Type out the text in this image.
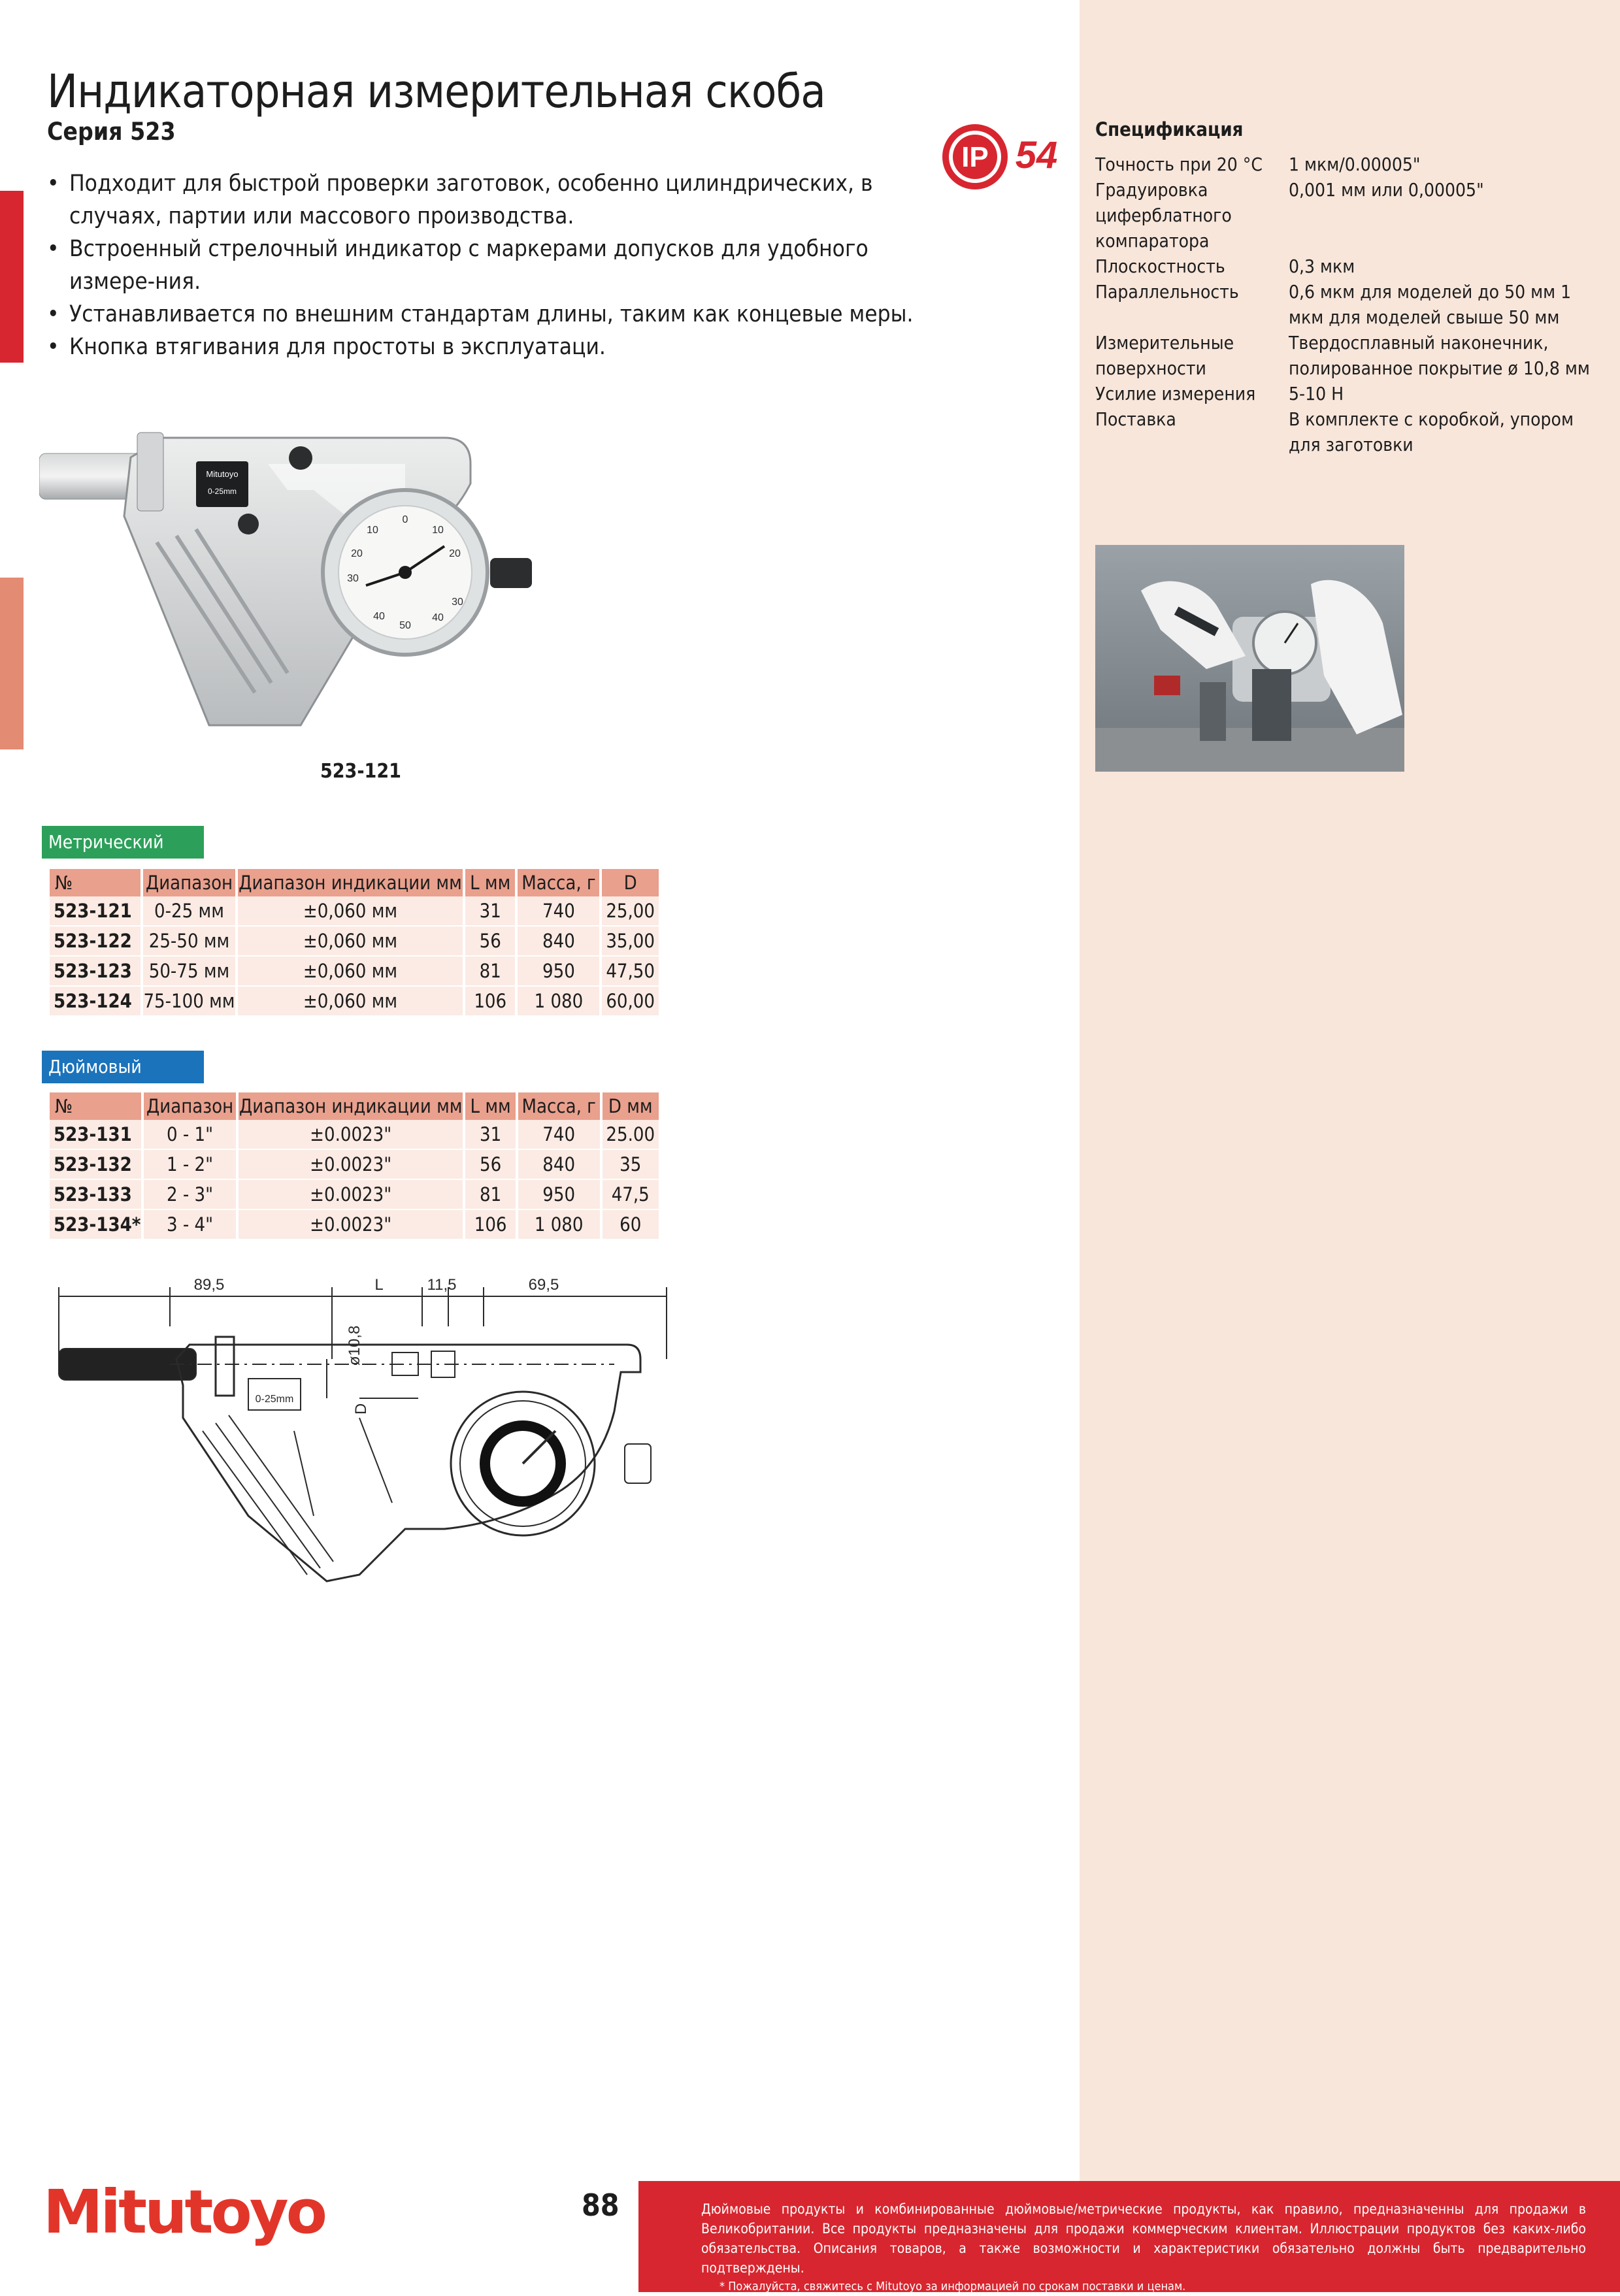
Индикаторная измерительная скоба
Серия 523
• Подходит для быстрой проверки заготовок, особенно цилиндрических, в случаях, партии или массового производства.
• Встроенный стрелочный индикатор с маркерами допусков для удобного измере-ния.
• Устанавливается по внешним стандартам длины, таким как концевые меры.
• Кнопка втягивания для простоты в эксплуатаци.
IP 54
Спецификация
Точность при 20 °C	1 мкм/0.00005"
Градуировка циферблатного компаратора	0,001 мм или 0,00005"
Плоскостность	0,3 мкм
Параллельность	0,6 мкм для моделей до 50 мм 1 мкм для моделей свыше 50 мм
Измерительные поверхности	Твердосплавный наконечник, полированное покрытие ø 10,8 мм
Усилие измерения	5-10 Н
Поставка	В комплекте с коробкой, упором для заготовки
Mitutoyo
0-25mm
0
10
20
10
20
30
30
40
40
50
523-121
Метрический
№	Диапазон	Диапазон индикации мм	L мм	Масса, г	D
523-121	0-25 мм	±0,060 мм	31	740	25,00
523-122	25-50 мм	±0,060 мм	56	840	35,00
523-123	50-75 мм	±0,060 мм	81	950	47,50
523-124	75-100 мм	±0,060 мм	106	1 080	60,00
Дюймовый
№	Диапазон	Диапазон индикации мм	L мм	Масса, г	D мм
523-131	0 - 1"	±0.0023"	31	740	25.00
523-132	1 - 2"	±0.0023"	56	840	35
523-133	2 - 3"	±0.0023"	81	950	47,5
523-134*	3 - 4"	±0.0023"	106	1 080	60
89,5	L	11,5	69,5
ø10,8
D
0-25mm
Mitutoyo	88	Дюймовые продукты и комбинированные дюймовые/метрические продукты, как правило, предназначенны для продажи в Великобритании. Все продукты предназначены для продажи коммерческим клиентам. Иллюстрации продуктов без каких-либо обязательства. Описания товаров, а также возможности и характеристики обязательно должны быть предварительно подтверждены.

* Пожалуйста, свяжитесь с Mitutoyo за информацией по срокам поставки и ценам.
